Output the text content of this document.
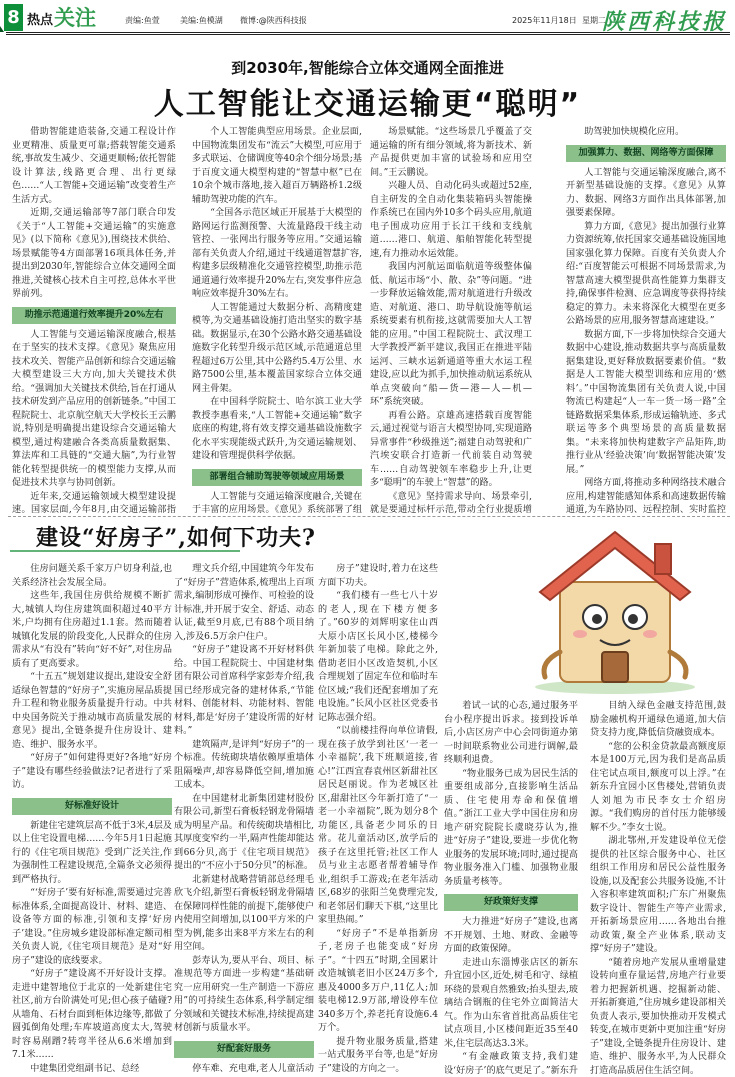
8 热点 关注	责编:鱼萱	美编:鱼模湖 微博:@陕西科技报	2025年11月18日 星期二
陕西科技报
到2030年,智能综合立体交通网全面推进
人工智能让交通运输更“聪明”

借助智能建造装备,交通工程设计作业更精准、质量更可靠;搭载智能交通系统,事故发生减少、交通更顺畅;依托智能设计算法,线路更合理、出行更绿色……“人工智能+交通运输”改变着生产生活方式。

近期,交通运输部等7部门联合印发《关于“人工智能+交通运输”的实施意见》(以下简称《意见》),围绕技术供给、场景赋能等4方面部署16项具体任务,并提出到2030年,智能综合立体交通网全面推进,关键核心技术自主可控,总体水平世界前列。

助推示范通道行效率提升20%左右

人工智能与交通运输深度融合,根基在于坚实的技术支撑。《意见》聚焦应用技术攻关、智能产品创新和综合交通运输大模型建设三大方向,加大关键技术供给。“强调加大关键技术供给,旨在打通从技术研发到产品应用的创新链条。”中国工程院院士、北京航空航天大学校长王云鹏说,特别是明确提出建设综合交通运输大模型,通过构建融合各类高质量数据集、算法库和工具链的“交通大脑”,为行业智能化转型提供统一的模型能力支撑,从而促进技术共享与协同创新。

近年来,交通运输领域大模型建设提速。国家层面,今年8月,由交通运输部指

个人工智能典型应用场景。企业层面,中国物流集团发布“流云”大模型,可应用于多式联运、仓储调度等40余个细分场景;基于百度文通大模型构建的“智慧中枢”已在10余个城市落地,接入超百万辆路桥1.2级辅助驾驶功能的汽车。

“全国各示范区域正开展基于大模型的路网运行监测预警、大流量路段干线主动管控、一张网出行服务等应用。”交通运输部有关负责人介绍,通过干线通道智慧扩容,构建多层级精准化交通管控模型,助推示范通道通行效率提升20%左右,突发事件应急响应效率提升30%左右。

人工智能通过大数据分析、高精度建模等,为交通基础设施打造出坚实的数字基础。数据显示,在30个公路水路交通基础设施数字化转型升级示范区域,示范通道总里程超过6万公里,其中公路约5.4万公里、水路7500公里,基本覆盖国家综合立体交通网主骨架。

在中国科学院院士、哈尔滨工业大学教授李惠看来,“人工智能+交通运输”数字底座的构建,将有效支撑交通基础设施数字化水平实现能级式跃升,为交通运输规划、建设和管理提供科学依据。

部署组合辅助驾驶等领域应用场景

人工智能与交通运输深度融合,关键在于丰富的应用场景。《意见》系统部署了组

场景赋能。“这些场景几乎覆盖了交通运输的所有细分领域,将为新技术、新产品提供更加丰富的试验场和应用空间。”王云鹏说。

兴趣人员、自动化码头或超过52座,自主研发的全自动化集装箱码头智能操作系统已在国内外10多个码头应用,航道电子围成功应用于长江干线和支线航道……港口、航道、船舶智能化转型提速,有力推动水运效能。

我国内河航运面临航道等级整体偏低、航运市场“小、散、杂”等问题。“进一步释放运输效能,需对航道进行升级改造、对航道、港口、助导航设施等航运系统要素有机衔接,这就需要加大人工智能的应用。”中国工程院院士、武汉理工大学教授严新平建议,我国正在推进平陆运河、三峡水运新通道等重大水运工程建设,应以此为抓手,加快推动航运系统从单点突破向“船—货—港—人—机—环”系统突破。

再看公路。京雄高速搭载百度智能云,通过视觉与语言大模型协同,实现道路异常事件“秒级推送”;福建自动驾驶和广汽埃安联合打造新一代前装自动驾驶车……自动驾驶领车率稳步上升,让更多“聪明”的车驶上“智慧”的路。

《意见》坚持需求导向、场景牵引,就是要通过标杆示范,带动全行业提质增

助驾驶加快规模化应用。

加强算力、数据、网络等方面保障

人工智能与交通运输深度融合,离不开新型基础设施的支撑。《意见》从算力、数据、网络3方面作出具体部署,加强要素保障。

算力方面,《意见》提出加强行业算力资源统筹,依托国家交通基础设施国地国家强化算力保障。百度有关负责人介绍:“百度智能云可根据不同场景需求,为智慧高速大模型提供高性能算力集群支持,确保事件检测、应急调度等获得持续稳定的算力。未来将深化大模型在更多公路场景的应用,服务智慧高速建设。”

数据方面,下一步将加快综合交通大数据中心建设,推动数据共享与高质量数据集建设,更好释放数据要素价值。“数据是人工智能大模型训练和应用的‘燃料’。”中国物流集团有关负责人说,中国物流已构建起“人一车一货一场一路”全链路数据采集体系,形成运输轨迹、多式联运等多个典型场景的高质量数据集。“未来将加快构建数字产品矩阵,助推行业从‘经验决策’向‘数据智能决策’发展。”

网络方面,将推动多种网络技术融合应用,构建智能感知体系和高速数据传输通道,为车路协同、远程控制、实时监控

建设“好房子”,如何下功夫?

住房问题关系千家万户切身利益,也关系经济社会发展全局。

这些年,我国住房供给规模不断扩大,城镇人均住房建筑面积超过40平方米,户均拥有住房超过1.1套。然而随着城镇化发展的阶段变化,人民群众的住房需求从“有没有”转向“好不好”,对住房品质有了更高要求。

“十五五”规划建议提出,建设安全舒适绿色智慧的“好房子”,实施房屋品质提升工程和物业服务质量提升行动。中共中央国务院关于推动城市高质量发展的意见》提出,全链条提升住房设计、建造、维护、服务水平。

“好房子”如何建得更好?各地“好房子”建设有哪些经验做法?记者进行了采访。

好标准好设计

新建住宅建筑层高不低于3米,4层及以上住宅设置电梯……今年5月1日起施行的《住宅项目规范》受到广泛关注,作为强制性工程建设规范,全篇条文必须得到严格执行。

“‘好房子’要有好标准,需要通过完善标准体系,全面提高设计、材料、建造、设备等方面的标准,引领和支撑‘好房子’建设。”住房城乡建设部标准定额司相关负责人说,《住宅项目规范》是对“好房子”建设的底线要求。

“好房子”建设离不开好设计支撑。走进中建智地位于北京的一处新建住宅社区,前方台阶满处可见;但心孩子磕碰?从墙角、石材台面到柜体边缘等,都做了圆弧倒角处理;车库坡道高度太大,驾驶时容易剐蹭?转弯半径从6.6米增加到7.1米……

中建集团党组副书记、总经

理文兵介绍,中国建筑今年发布了“好房子”营造体系,梳理出上百项需求,编制形成可操作、可检验的设计标准,并开展于安全、舒适、动态认证,截至9月底,已有88个项目纳入,涉及6.5万余户住户。

“好房子”建设离不开好材料供给。中国工程院院士、中国建材集团有限公司首席科学家彭寿介绍,我国已经形成完备的建材体系,“节能材料、创能材料、功能材料、智能材料,都是‘好房子’建设所需的好材料。”

建筑隔声,是评判“好房子”的一个标准。传统砌块墙依赖厚重墙体阻隔噪声,却容易降低空间,增加施工成本。

在中国建材北新集团建材股份有限公司,新型石膏板轻钢龙骨隔墙成为明星产品。和传统砌块墙相比,其厚度变窄约一半,隔声性能却能达到66分贝,高于《住宅项目规范》提出的“不应小于50分贝”的标准。

北新建材战略营销部总经理毛欣飞介绍,新型石膏板轻钢龙骨隔墙在保障同样性能的前提下,能够使户内使用空间增加,以100平方米的户型为例,能多出来8平方米左右的利用空间。

彭寿认为,要从平台、项目、标准规范等方面进一步构建“基础研究一应用研究一生产制造一下游应用”的可持续生态体系,科学制定细分领域和关键技术标准,持续提高建材创新与质量水平。

好配套好服务

停车难、充电难,老人儿童活动

房子”建设时,着力在这些方面下功夫。

“我们楼有一些七八十岁的老人,现在下楼方便多了。”60岁的刘辉明家住山西大原小店区长风小区,楼梯今年新加装了电梯。除此之外,借助老旧小区改造契机,小区合理规划了固定车位和临时车位区域;“我们还配套增加了充电设施。”长风小区社区党委书记陈志强介绍。

“以前楼挂得向单位请假,现在孩子放学到社区‘一老一小幸福院’,我下班顺道接,省心!”江西宜春袁州区新甜社区居民赵丽说。作为老城区社区,甜甜社区今年新打造了“一老一小幸福院”,既为划分8个功能区,具备老少同乐的日常。花儿童活动区,放学后的孩子在这里托管;社区工作人员与业主志愿者帮着辅导作业,组织手工游戏;在老年活动区,68岁的张阳兰免费理完发,和老邻居们聊天下棋,“这里比家里热闹。”

“好房子”不是单指新房子,老房子也能变成“好房子”。“十四五”时期,全国累计改造城镇老旧小区24万多个,惠及4000多万户,11亿人;加装电梯12.9万部,增设停车位340多万个,养老托育设施6.4万个。

提升物业服务质量,搭建一站式服务平台等,也是“好房子”建设的方向之一。

着试一试的心态,通过服务平台小程序提出诉求。接到投诉单后,小店区房产中心会同街道办第一时间联系物业公司进行调解,最终顺利退费。

“物业服务已成为居民生活的重要组成部分,直接影响生活品质、住宅使用寿命和保值增值。”浙江工业大学中国住房和房地产研究院院长虞晓芬认为,推进“好房子”建设,要进一步优化物业服务的发展环境;同时,通过提高物业服务准入门槛、加强物业服务质量考核等。

好政策好支撑

大力推进“好房子”建设,也离不开规划、土地、财政、金融等方面的政策保障。

走进山东淄博张店区的新东升宜园小区,近处,树毛和守、绿植环绕的景观自然雅致;抬头望去,玻璃结合钢瓶的住宅外立面简洁大气。作为山东省首批高品质住宅试点项目,小区楼间距近35至40米,住宅层高达3.3米。

“有金融政策支持,我们建设‘好房子’的底气更足了。”新东升

目纳入绿色金融支持范围,鼓励金融机构开通绿色通道,加大信贷支持力度,降低信贷融资成本。

“您的公积金贷款最高额度原本是100万元,因为我们是高品质住宅试点项目,额度可以上浮。”在新东升宜园小区售楼处,营销负责人刘旭为市民李女士介绍房源。“我们购房的首付压力能够缓解不少。”李女士说。

湖北鄂州,开发建设单位无偿提供的社区综合服务中心、社区组织工作用房和居民公益性服务设施,以及配套公共服务设施,不计入容积率建筑面积;广东广州聚焦数字设计、智能生产等产业需求,开拓新场景应用……各地出台推动政策,聚全产业体系,联动支撑“好房子”建设。

“随着房地产发展从重增量建设转向重存量运营,房地产行业要着力把握新机遇、挖掘新动能、开拓新赛道,”住房城乡建设部相关负责人表示,要加快推动开发模式转变,在城市更新中更加注重“好房子”建设,全链条提升住房设计、建造、维护、服务水平,为人民群众打造高品质居住生活空间。
